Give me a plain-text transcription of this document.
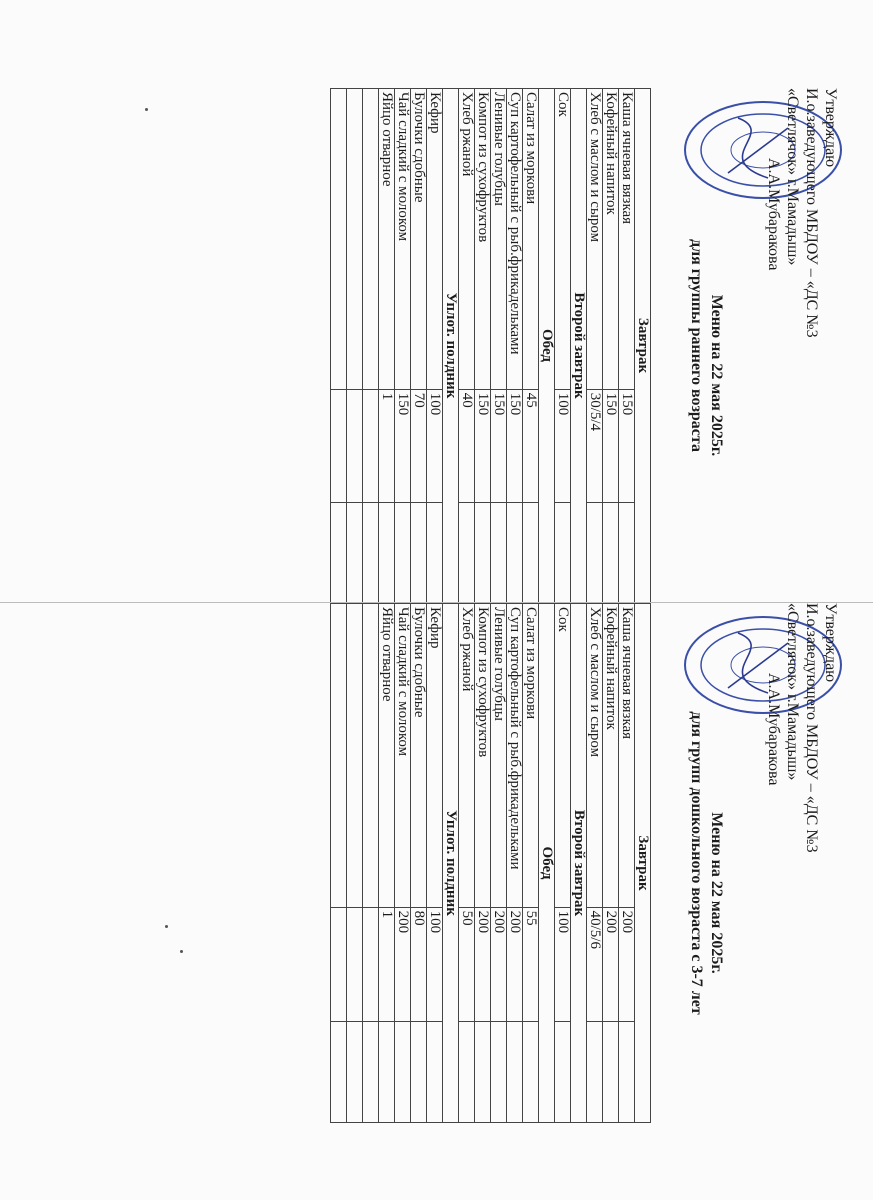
Утверждаю
И.о.заведующего МБДОУ – «ДС №3
«Светлячок» г.Мамадыш»
А.А.Мубаракова
Меню на 22 мая 2025г.
для группы раннего возраста
Завтрак		
Каша ячневая вязкая	150	
Кофейный напиток	150	
Хлеб с маслом и сыром	30/5/4	
Второй завтрак		
Сок	100	
Обед		
Салат из моркови	45	
Суп картофельный с рыб.фрикадельками	150	
Ленивые голубцы	150	
Компот из сухофруктов	150	
Хлеб ржаной	40	
Уплот. полдник		
Кефир	100	
Булочки сдобные	70	
Чай сладкий с молоком	150	
Яйцо отварное	1	

Утверждаю
И.о.заведующего МБДОУ – «ДС №3
«Светлячок» г.Мамадыш»
А.А.Мубаракова
Меню на 22 мая 2025г.
для групп дошкольного возраста с 3-7 лет
Завтрак		
Каша ячневая вязкая	200	
Кофейный напиток	200	
Хлеб с маслом и сыром	40/5/6	
Второй завтрак		
Сок	100	
Обед		
Салат из моркови	55	
Суп картофельный с рыб.фрикадельками	200	
Ленивые голубцы	200	
Компот из сухофруктов	200	
Хлеб ржаной	50	
Уплот. полдник		
Кефир	100	
Булочки сдобные	80	
Чай сладкий с молоком	200	
Яйцо отварное	1	
